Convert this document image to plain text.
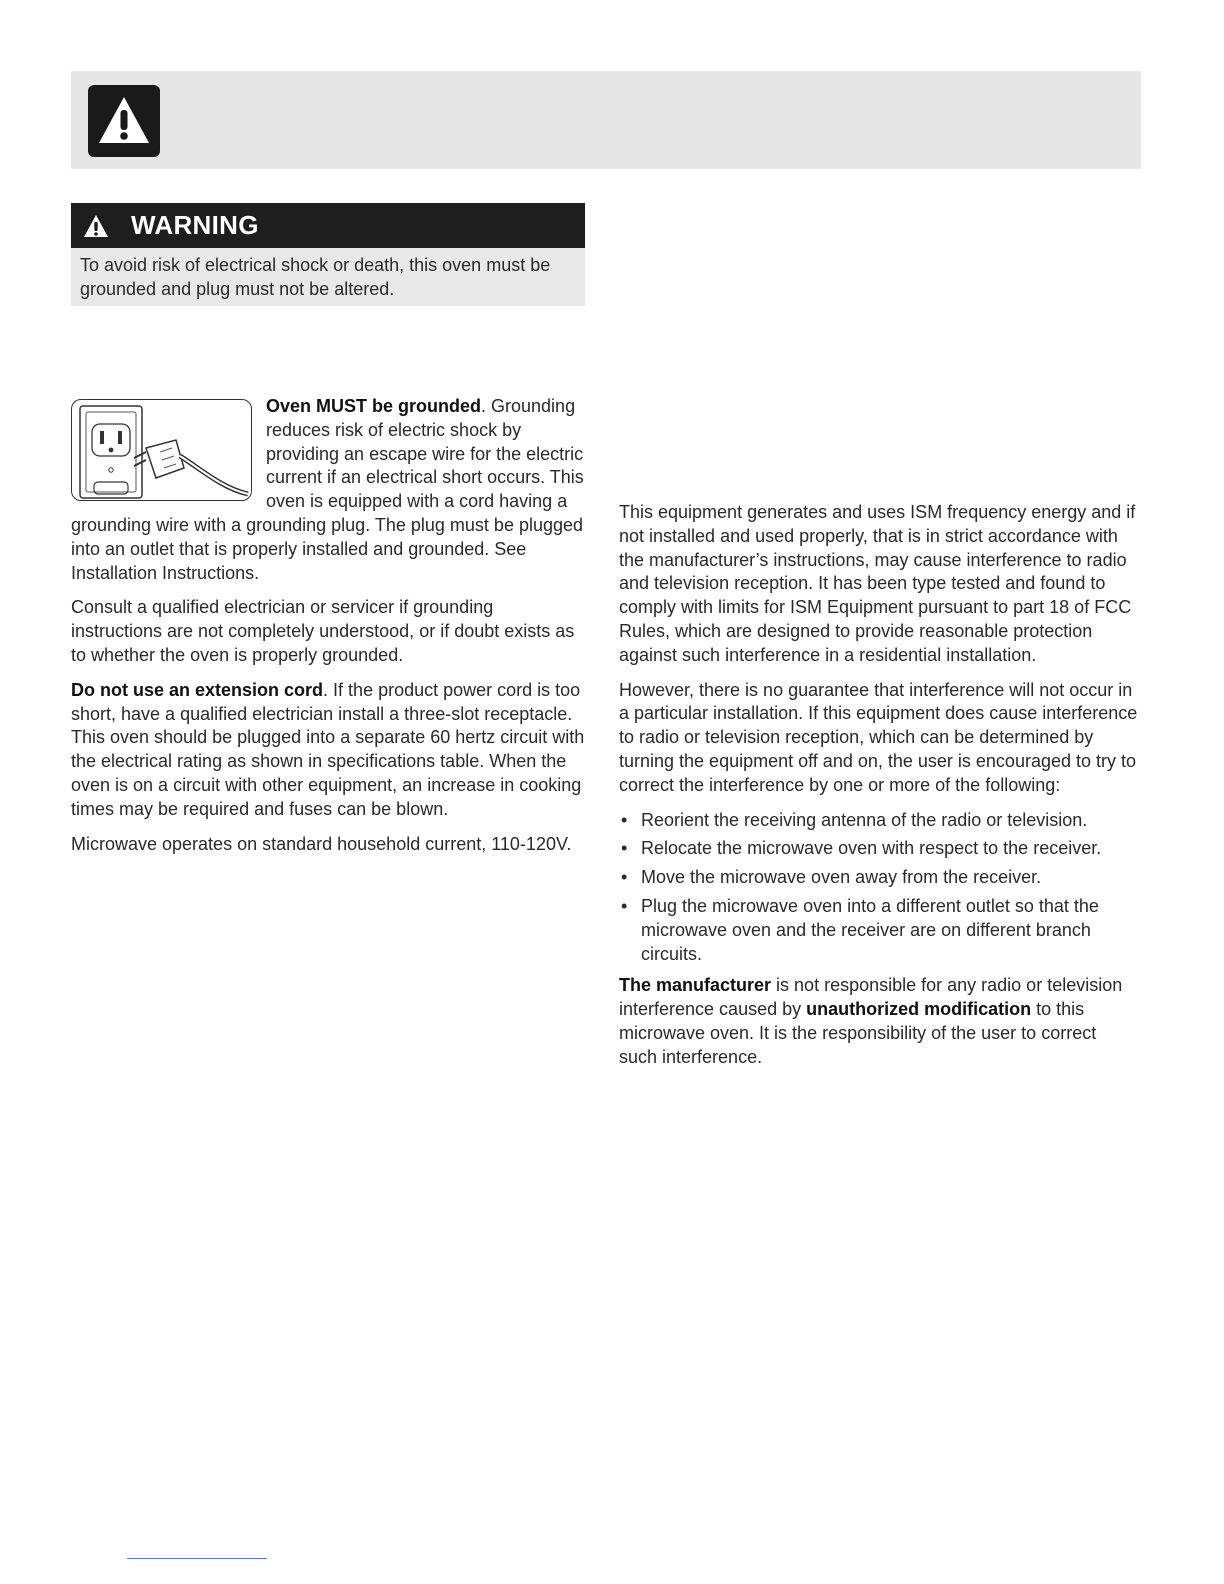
WARNING
To avoid risk of electrical shock or death, this oven must be grounded and plug must not be altered.

Oven MUST be grounded. Grounding reduces risk of electric shock by providing an escape wire for the electric current if an electrical short occurs. This oven is equipped with a cord having a grounding wire with a grounding plug. The plug must be plugged into an outlet that is properly installed and grounded. See Installation Instructions.

Consult a qualified electrician or servicer if grounding instructions are not completely understood, or if doubt exists as to whether the oven is properly grounded.

Do not use an extension cord. If the product power cord is too short, have a qualified electrician install a three-slot receptacle. This oven should be plugged into a separate 60 hertz circuit with the electrical rating as shown in specifications table. When the oven is on a circuit with other equipment, an increase in cooking times may be required and fuses can be blown.

Microwave operates on standard household current, 110-120V.

This equipment generates and uses ISM frequency energy and if not installed and used properly, that is in strict accordance with the manufacturer’s instructions, may cause interference to radio and television reception. It has been type tested and found to comply with limits for ISM Equipment pursuant to part 18 of FCC Rules, which are designed to provide reasonable protection against such interference in a residential installation.

However, there is no guarantee that interference will not occur in a particular installation. If this equipment does cause interference to radio or television reception, which can be determined by turning the equipment off and on, the user is encouraged to try to correct the interference by one or more of the following:

• Reorient the receiving antenna of the radio or television.
• Relocate the microwave oven with respect to the receiver.
• Move the microwave oven away from the receiver.
• Plug the microwave oven into a different outlet so that the microwave oven and the receiver are on different branch circuits.

The manufacturer is not responsible for any radio or television interference caused by unauthorized modification to this microwave oven. It is the responsibility of the user to correct such interference.
